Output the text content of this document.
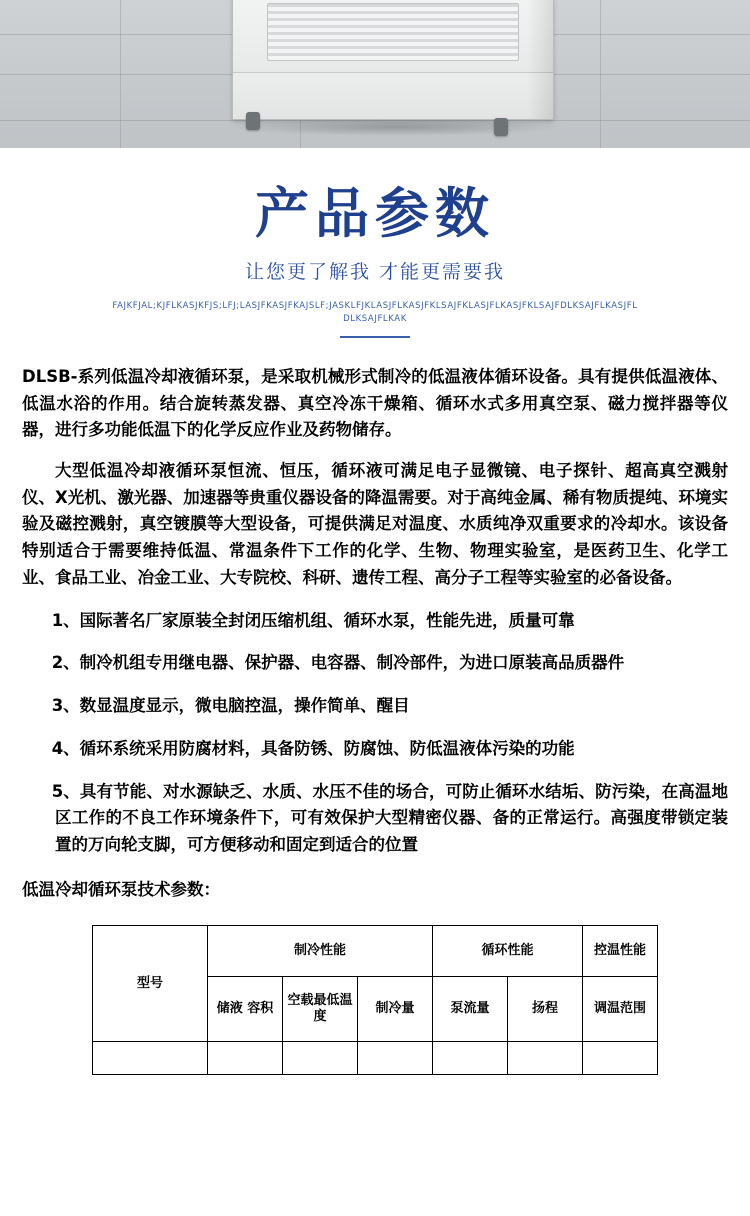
产品参数
让您更了解我 才能更需要我
FAJKFJAL;KJFLKASJKFJS;LFJ;LASJFKASJFKAJSLF;JASKLFJKLASJFLKASJFKLSAJFKLASJFLKASJFKLSAJFDLKSAJFLKASJFLDLKSAJFLKAK

DLSB-系列低温冷却液循环泵，是采取机械形式制冷的低温液体循环设备。具有提供低温液体、低温水浴的作用。结合旋转蒸发器、真空冷冻干燥箱、循环水式多用真空泵、磁力搅拌器等仪器，进行多功能低温下的化学反应作业及药物储存。

大型低温冷却液循环泵恒流、恒压，循环液可满足电子显微镜、电子探针、超高真空溅射仪、X光机、激光器、加速器等贵重仪器设备的降温需要。对于高纯金属、稀有物质提纯、环境实验及磁控溅射，真空镀膜等大型设备，可提供满足对温度、水质纯净双重要求的冷却水。该设备特别适合于需要维持低温、常温条件下工作的化学、生物、物理实验室，是医药卫生、化学工业、食品工业、冶金工业、大专院校、科研、遗传工程、高分子工程等实验室的必备设备。

1、国际著名厂家原装全封闭压缩机组、循环水泵，性能先进，质量可靠
2、制冷机组专用继电器、保护器、电容器、制冷部件，为进口原装高品质器件
3、数显温度显示，微电脑控温，操作简单、醒目
4、循环系统采用防腐材料，具备防锈、防腐蚀、防低温液体污染的功能
5、具有节能、对水源缺乏、水质、水压不佳的场合，可防止循环水结垢、防污染，在高温地区工作的不良工作环境条件下，可有效保护大型精密仪器、备的正常运行。高强度带锁定装置的万向轮支脚，可方便移动和固定到适合的位置

低温冷却循环泵技术参数：

型号	制冷性能			循环性能		控温性能
	储液 容积	空载最低温度	制冷量	泵流量	扬程	调温范围
